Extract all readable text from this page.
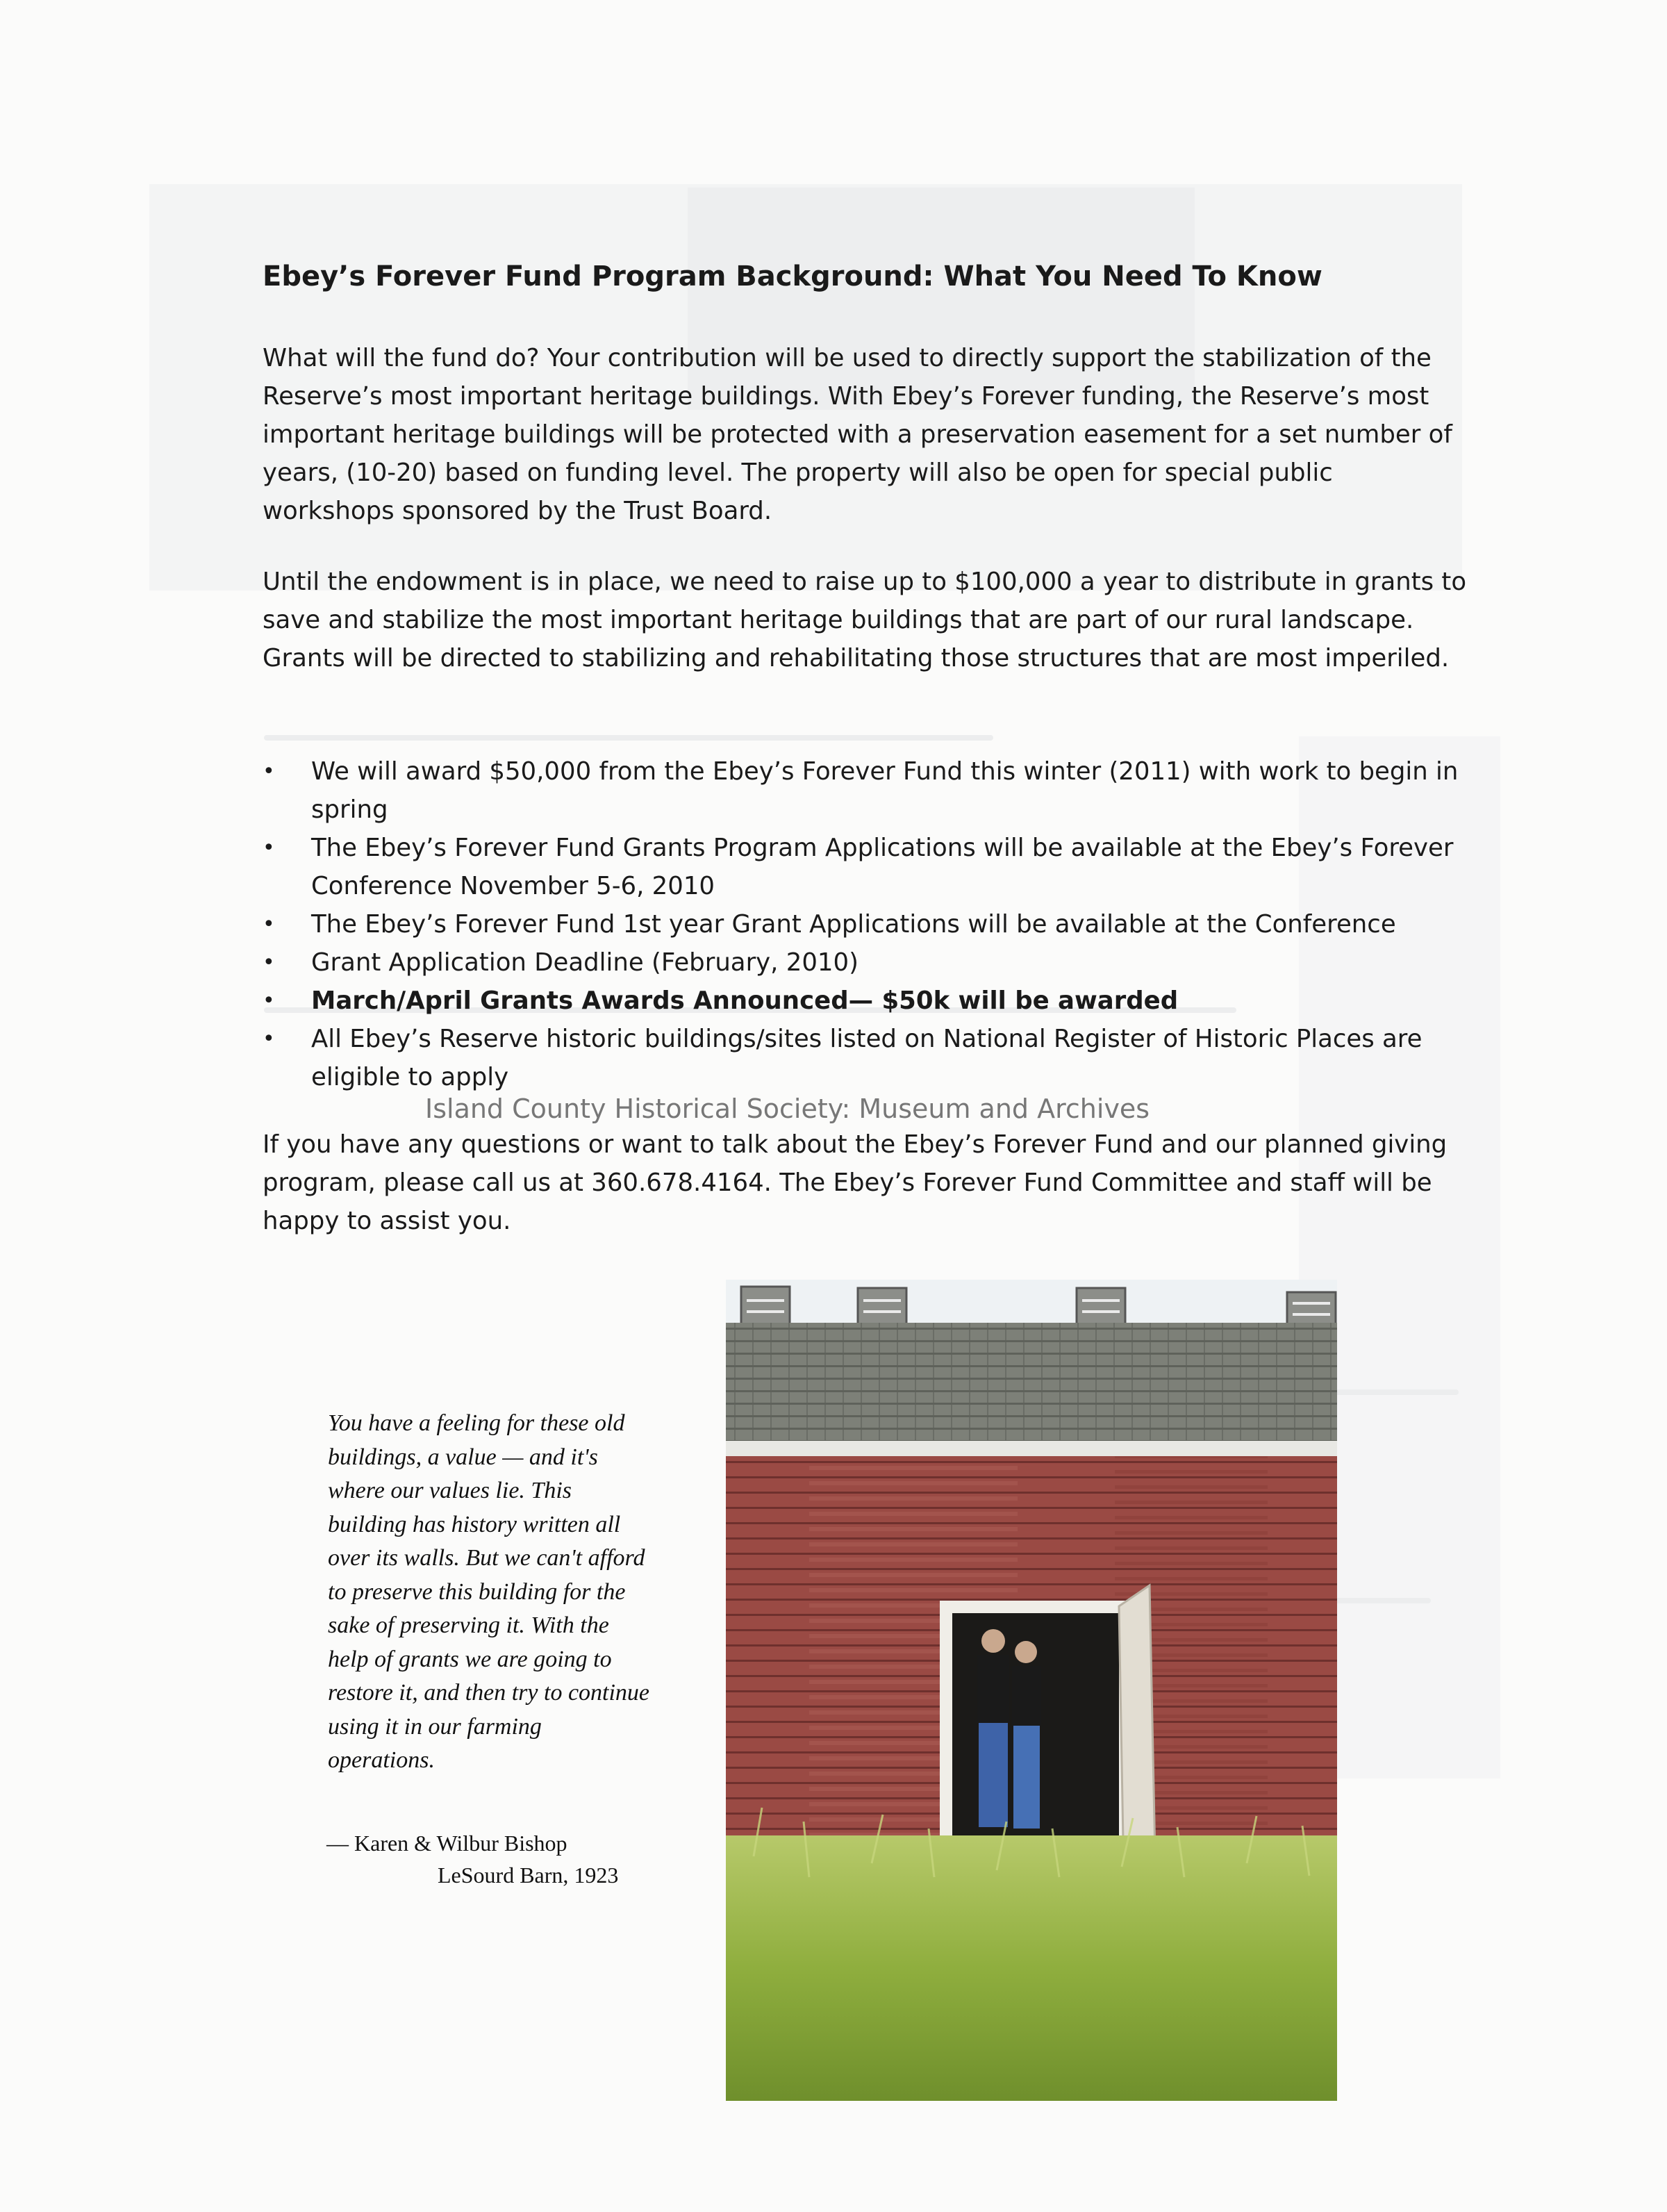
Ebey’s Forever Fund Program Background: What You Need To Know

What will the fund do? Your contribution will be used to directly support the stabilization of the Reserve’s most important heritage buildings. With Ebey’s Forever funding, the Reserve’s most important heritage buildings will be protected with a preservation easement for a set number of years, (10-20) based on funding level. The property will also be open for special public workshops sponsored by the Trust Board.

Until the endowment is in place, we need to raise up to $100,000 a year to distribute in grants to save and stabilize the most important heritage buildings that are part of our rural landscape. Grants will be directed to stabilizing and rehabilitating those structures that are most imperiled.

•	We will award $50,000 from the Ebey’s Forever Fund this winter (2011) with work to begin in spring
•	The Ebey’s Forever Fund Grants Program Applications will be available at the Ebey’s Forever Conference November 5-6, 2010
•	The Ebey’s Forever Fund 1st year Grant Applications will be available at the Conference
•	Grant Application Deadline (February, 2010)
•	March/April Grants Awards Announced— $50k will be awarded
•	All Ebey’s Reserve historic buildings/sites listed on National Register of Historic Places are eligible to apply
Island County Historical Society: Museum and Archives

If you have any questions or want to talk about the Ebey’s Forever Fund and our planned giving program, please call us at 360.678.4164. The Ebey’s Forever Fund Committee and staff will be happy to assist you.

You have a feeling for these old buildings, a value — and it's where our values lie. This building has history written all over its walls. But we can't afford to preserve this building for the sake of preserving it. With the help of grants we are going to restore it, and then try to continue using it in our farming operations.

— Karen & Wilbur Bishop
LeSourd Barn, 1923
